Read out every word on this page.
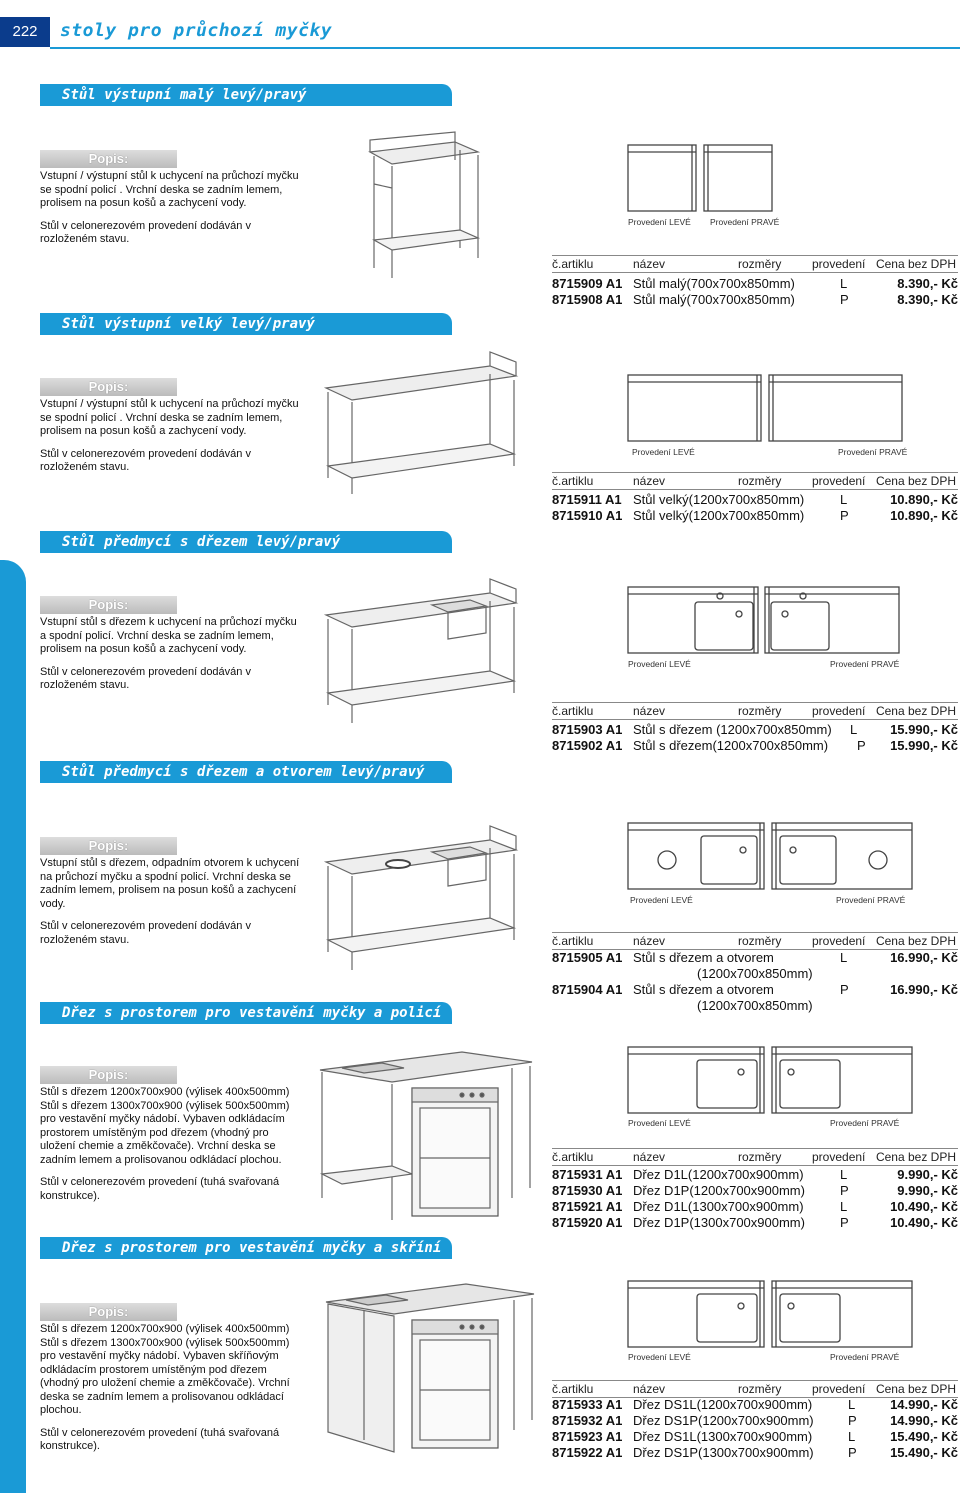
222	stoly pro průchozí myčky
Stůl výstupní malý levý/pravý
Popis:

Vstupní / výstupní stůl k uchycení na průchozí myčku se spodní policí . Vrchní deska se zadním lemem, prolisem na posun košů a zachycení vody.

Stůl v celonerezovém provedení dodáván v rozloženém stavu.

Provedení LEVÉ Provedení PRAVÉ
č.artiklu	název	rozměry	provedení Cena bez DPH
8715909 A1 Stůl malý(700x700x850mm)	L	8.390,- Kč
8715908 A1 Stůl malý(700x700x850mm)	P	8.390,- Kč
Stůl výstupní velký levý/pravý
Popis:

Vstupní / výstupní stůl k uchycení na průchozí myčku se spodní policí . Vrchní deska se zadním lemem, prolisem na posun košů a zachycení vody.

Stůl v celonerezovém provedení dodáván v rozloženém stavu.

Provedení LEVÉ	Provedení PRAVÉ
č.artiklu	název	rozměry	provedení Cena bez DPH
8715911 A1 Stůl velký(1200x700x850mm)	L	10.890,- Kč
8715910 A1 Stůl velký(1200x700x850mm)	P	10.890,- Kč
Stůl předmycí s dřezem levý/pravý
Popis:

Vstupní stůl s dřezem k uchycení na průchozí myčku a spodní policí. Vrchní deska se zadním lemem, prolisem na posun košů a zachycení vody.

Stůl v celonerezovém provedení dodáván v rozloženém stavu.

Provedení LEVÉ	Provedení PRAVÉ
č.artiklu	název	rozměry	provedení Cena bez DPH
8715903 A1 Stůl s dřezem (1200x700x850mm) L	15.990,- Kč
8715902 A1 Stůl s dřezem(1200x700x850mm) P 15.990,- Kč
Stůl předmycí s dřezem a otvorem levý/pravý
Popis:

Vstupní stůl s dřezem, odpadním otvorem k uchycení na průchozí myčku a spodní policí. Vrchní deska se zadním lemem, prolisem na posun košů a zachycení vody.

Stůl v celonerezovém provedení dodáván v rozloženém stavu.

Provedení LEVÉ	Provedení PRAVÉ
č.artiklu	název	rozměry	provedení Cena bez DPH
8715905 A1 Stůl s dřezem a otvorem	L	16.990,- Kč
(1200x700x850mm)
8715904 A1 Stůl s dřezem a otvorem	P	16.990,- Kč
(1200x700x850mm)
Dřez s prostorem pro vestavění myčky a policí
Popis:

Stůl s dřezem 1200x700x900 (výlisek 400x500mm) Stůl s dřezem 1300x700x900 (výlisek 500x500mm) pro vestavění myčky nádobí. Vybaven odkládacím prostorem umístěným pod dřezem (vhodný pro uložení chemie a změkčovače). Vrchní deska se zadním lemem a prolisovanou odkládací plochou.

Stůl v celonerezovém provedení (tuhá svařovaná konstrukce).

Provedení LEVÉ	Provedení PRAVÉ
č.artiklu	název	rozměry	provedení Cena bez DPH
8715931 A1 Dřez D1L(1200x700x900mm)	L	9.990,- Kč
8715930 A1 Dřez D1P(1200x700x900mm)	P	9.990,- Kč
8715921 A1 Dřez D1L(1300x700x900mm)	L	10.490,- Kč
8715920 A1 Dřez D1P(1300x700x900mm)	P	10.490,- Kč
Dřez s prostorem pro vestavění myčky a skříní
Popis:

Stůl s dřezem 1200x700x900 (výlisek 400x500mm) Stůl s dřezem 1300x700x900 (výlisek 500x500mm) pro vestavění myčky nádobí. Vybaven skříňovým odkládacím prostorem umístěným pod dřezem (vhodný pro uložení chemie a změkčovače). Vrchní deska se zadním lemem a prolisovanou odkládací plochou.

Stůl v celonerezovém provedení (tuhá svařovaná konstrukce).

Provedení LEVÉ	Provedení PRAVÉ
č.artiklu	název	rozměry	provedení Cena bez DPH
8715933 A1 Dřez DS1L(1200x700x900mm)	L	14.990,- Kč
8715932 A1 Dřez DS1P(1200x700x900mm)	P	14.990,- Kč
8715923 A1 Dřez DS1L(1300x700x900mm)	L	15.490,- Kč
8715922 A1 Dřez DS1P(1300x700x900mm)	P	15.490,- Kč
